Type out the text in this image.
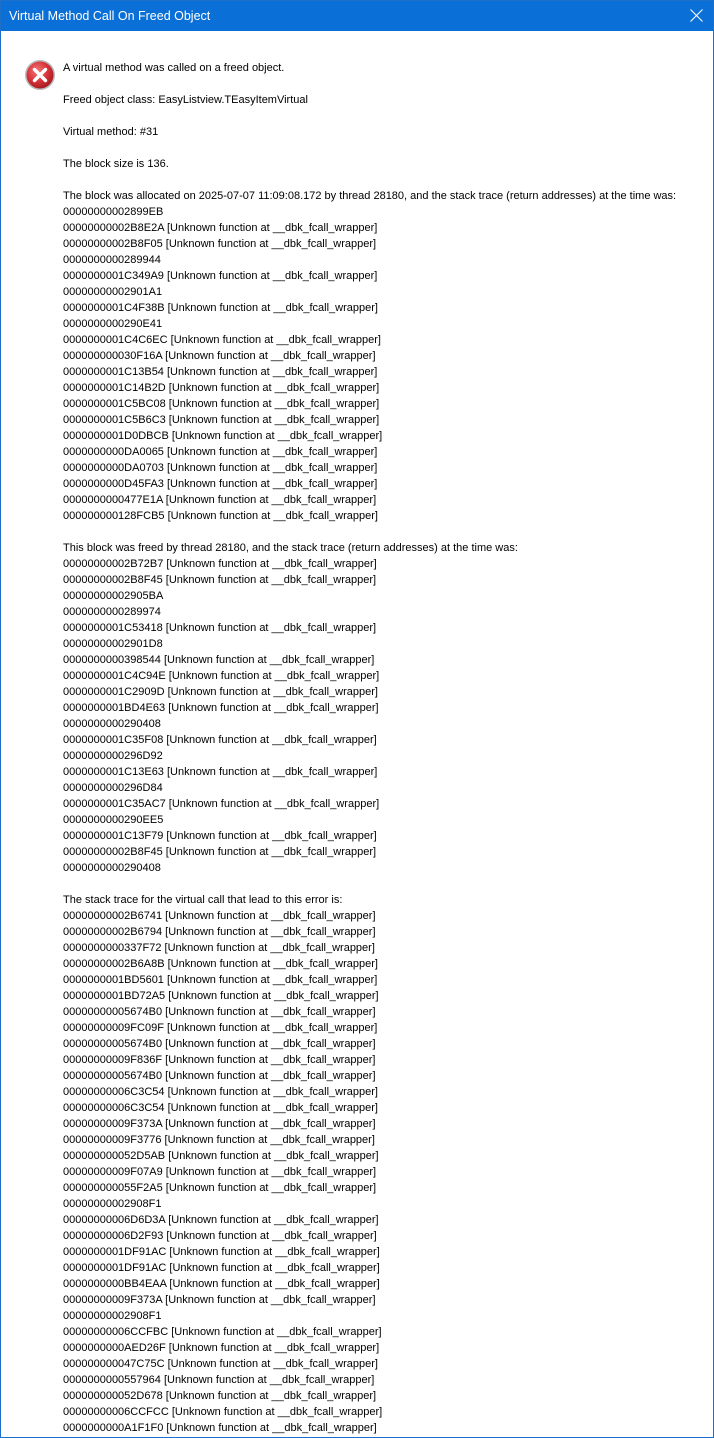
Virtual Method Call On Freed Object

A virtual method was called on a freed object.

Freed object class: EasyListview.TEasyItemVirtual

Virtual method: #31

The block size is 136.

The block was allocated on 2025-07-07 11:09:08.172 by thread 28180, and the stack trace (return addresses) at the time was:

00000000002899EB

00000000002B8E2A [Unknown function at __dbk_fcall_wrapper]

00000000002B8F05 [Unknown function at __dbk_fcall_wrapper]

0000000000289944

0000000001C349A9 [Unknown function at __dbk_fcall_wrapper]

00000000002901A1

0000000001C4F38B [Unknown function at __dbk_fcall_wrapper]

0000000000290E41

0000000001C4C6EC [Unknown function at __dbk_fcall_wrapper]

000000000030F16A [Unknown function at __dbk_fcall_wrapper]

0000000001C13B54 [Unknown function at __dbk_fcall_wrapper]

0000000001C14B2D [Unknown function at __dbk_fcall_wrapper]

0000000001C5BC08 [Unknown function at __dbk_fcall_wrapper]

0000000001C5B6C3 [Unknown function at __dbk_fcall_wrapper]

0000000001D0DBCB [Unknown function at __dbk_fcall_wrapper]

0000000000DA0065 [Unknown function at __dbk_fcall_wrapper]

0000000000DA0703 [Unknown function at __dbk_fcall_wrapper]

0000000000D45FA3 [Unknown function at __dbk_fcall_wrapper]

0000000000477E1A [Unknown function at __dbk_fcall_wrapper]

000000000128FCB5 [Unknown function at __dbk_fcall_wrapper]

This block was freed by thread 28180, and the stack trace (return addresses) at the time was:

00000000002B72B7 [Unknown function at __dbk_fcall_wrapper]

00000000002B8F45 [Unknown function at __dbk_fcall_wrapper]

00000000002905BA

0000000000289974

0000000001C53418 [Unknown function at __dbk_fcall_wrapper]

00000000002901D8

0000000000398544 [Unknown function at __dbk_fcall_wrapper]

0000000001C4C94E [Unknown function at __dbk_fcall_wrapper]

0000000001C2909D [Unknown function at __dbk_fcall_wrapper]

0000000001BD4E63 [Unknown function at __dbk_fcall_wrapper]

0000000000290408

0000000001C35F08 [Unknown function at __dbk_fcall_wrapper]

0000000000296D92

0000000001C13E63 [Unknown function at __dbk_fcall_wrapper]

0000000000296D84

0000000001C35AC7 [Unknown function at __dbk_fcall_wrapper]

0000000000290EE5

0000000001C13F79 [Unknown function at __dbk_fcall_wrapper]

00000000002B8F45 [Unknown function at __dbk_fcall_wrapper]

0000000000290408

The stack trace for the virtual call that lead to this error is:

00000000002B6741 [Unknown function at __dbk_fcall_wrapper]

00000000002B6794 [Unknown function at __dbk_fcall_wrapper]

0000000000337F72 [Unknown function at __dbk_fcall_wrapper]

00000000002B6A8B [Unknown function at __dbk_fcall_wrapper]

0000000001BD5601 [Unknown function at __dbk_fcall_wrapper]

0000000001BD72A5 [Unknown function at __dbk_fcall_wrapper]

00000000005674B0 [Unknown function at __dbk_fcall_wrapper]

00000000009FC09F [Unknown function at __dbk_fcall_wrapper]

00000000005674B0 [Unknown function at __dbk_fcall_wrapper]

00000000009F836F [Unknown function at __dbk_fcall_wrapper]

00000000005674B0 [Unknown function at __dbk_fcall_wrapper]

00000000006C3C54 [Unknown function at __dbk_fcall_wrapper]

00000000006C3C54 [Unknown function at __dbk_fcall_wrapper]

00000000009F373A [Unknown function at __dbk_fcall_wrapper]

00000000009F3776 [Unknown function at __dbk_fcall_wrapper]

000000000052D5AB [Unknown function at __dbk_fcall_wrapper]

00000000009F07A9 [Unknown function at __dbk_fcall_wrapper]

000000000055F2A5 [Unknown function at __dbk_fcall_wrapper]

00000000002908F1

00000000006D6D3A [Unknown function at __dbk_fcall_wrapper]

00000000006D2F93 [Unknown function at __dbk_fcall_wrapper]

0000000001DF91AC [Unknown function at __dbk_fcall_wrapper]

0000000001DF91AC [Unknown function at __dbk_fcall_wrapper]

0000000000BB4EAA [Unknown function at __dbk_fcall_wrapper]

00000000009F373A [Unknown function at __dbk_fcall_wrapper]

00000000002908F1

00000000006CCFBC [Unknown function at __dbk_fcall_wrapper]

0000000000AED26F [Unknown function at __dbk_fcall_wrapper]

000000000047C75C [Unknown function at __dbk_fcall_wrapper]

0000000000557964 [Unknown function at __dbk_fcall_wrapper]

000000000052D678 [Unknown function at __dbk_fcall_wrapper]

00000000006CCFCC [Unknown function at __dbk_fcall_wrapper]

0000000000A1F1F0 [Unknown function at __dbk_fcall_wrapper]
